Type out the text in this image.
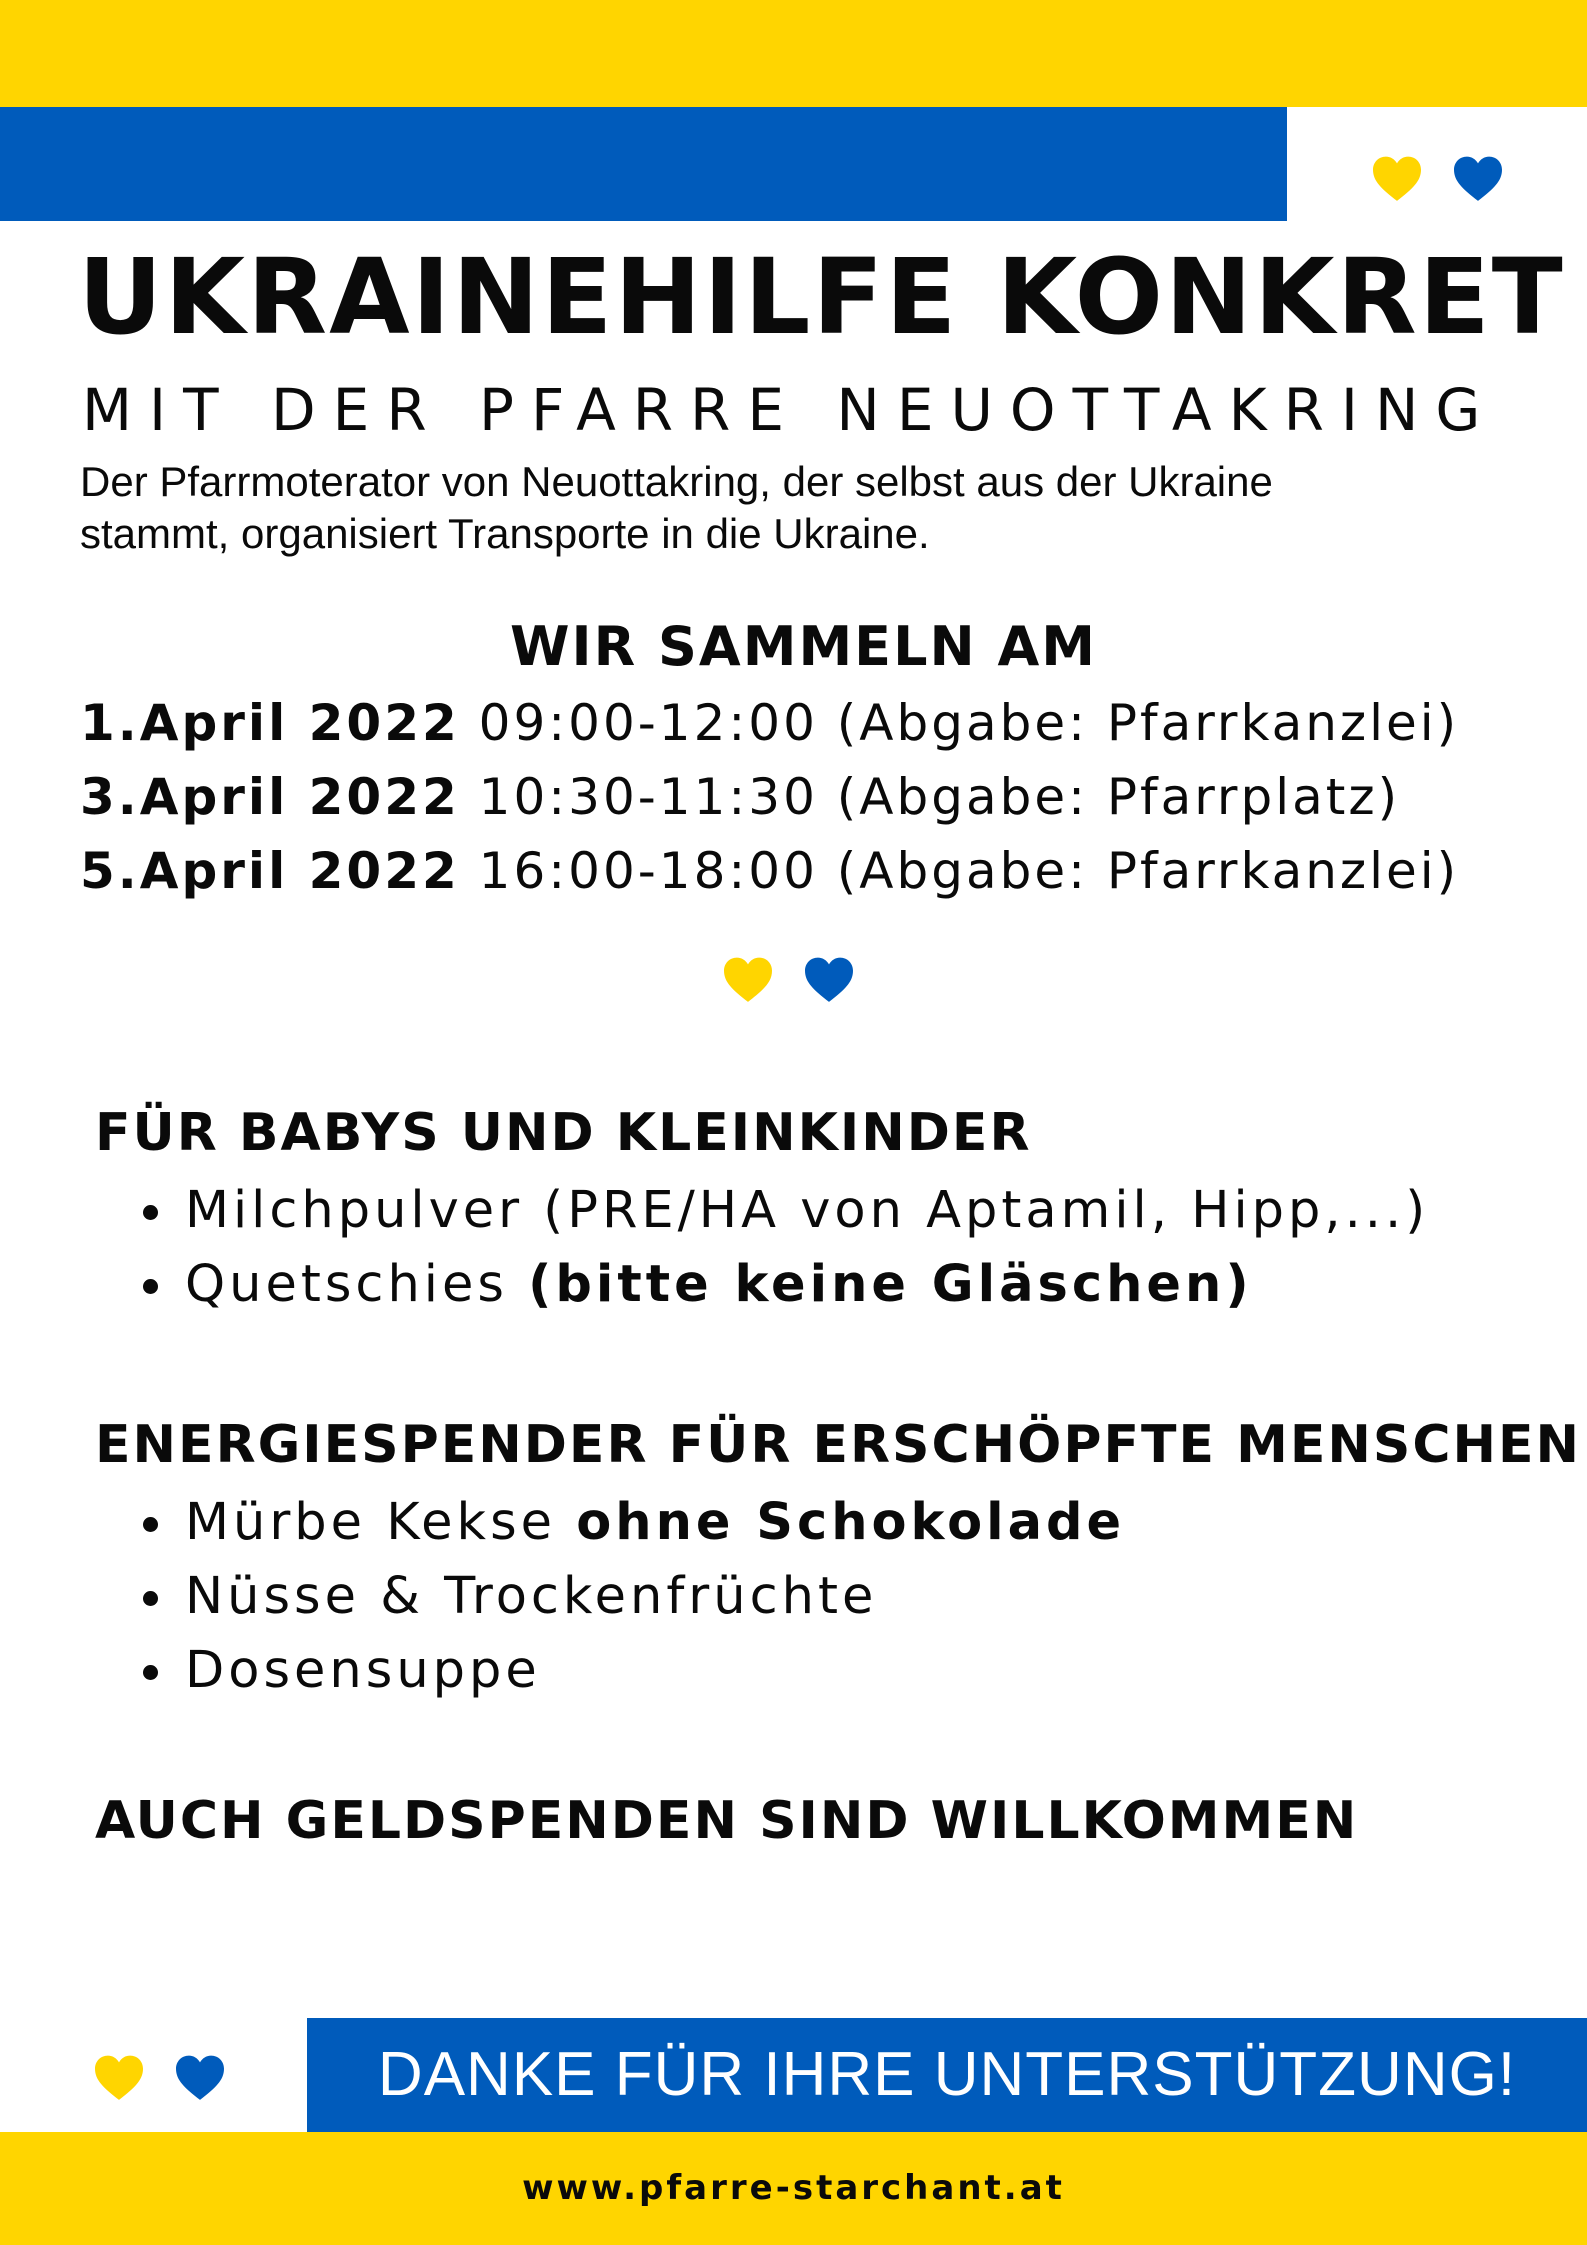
UKRAINEHILFE KONKRET
MIT DER PFARRE NEUOTTAKRING
Der Pfarrmoterator von Neuottakring, der selbst aus der Ukraine
stammt, organisiert Transporte in die Ukraine.
WIR SAMMELN AM
1.April 2022 09:00-12:00 (Abgabe: Pfarrkanzlei)
3.April 2022 10:30-11:30 (Abgabe: Pfarrplatz)
5.April 2022 16:00-18:00 (Abgabe: Pfarrkanzlei)
FÜR BABYS UND KLEINKINDER
Milchpulver (PRE/HA von Aptamil, Hipp,...)
Quetschies (bitte keine Gläschen)
ENERGIESPENDER FÜR ERSCHÖPFTE MENSCHEN
Mürbe Kekse ohne Schokolade
Nüsse & Trockenfrüchte
Dosensuppe
AUCH GELDSPENDEN SIND WILLKOMMEN
DANKE FÜR IHRE UNTERSTÜTZUNG!
www.pfarre-starchant.at
